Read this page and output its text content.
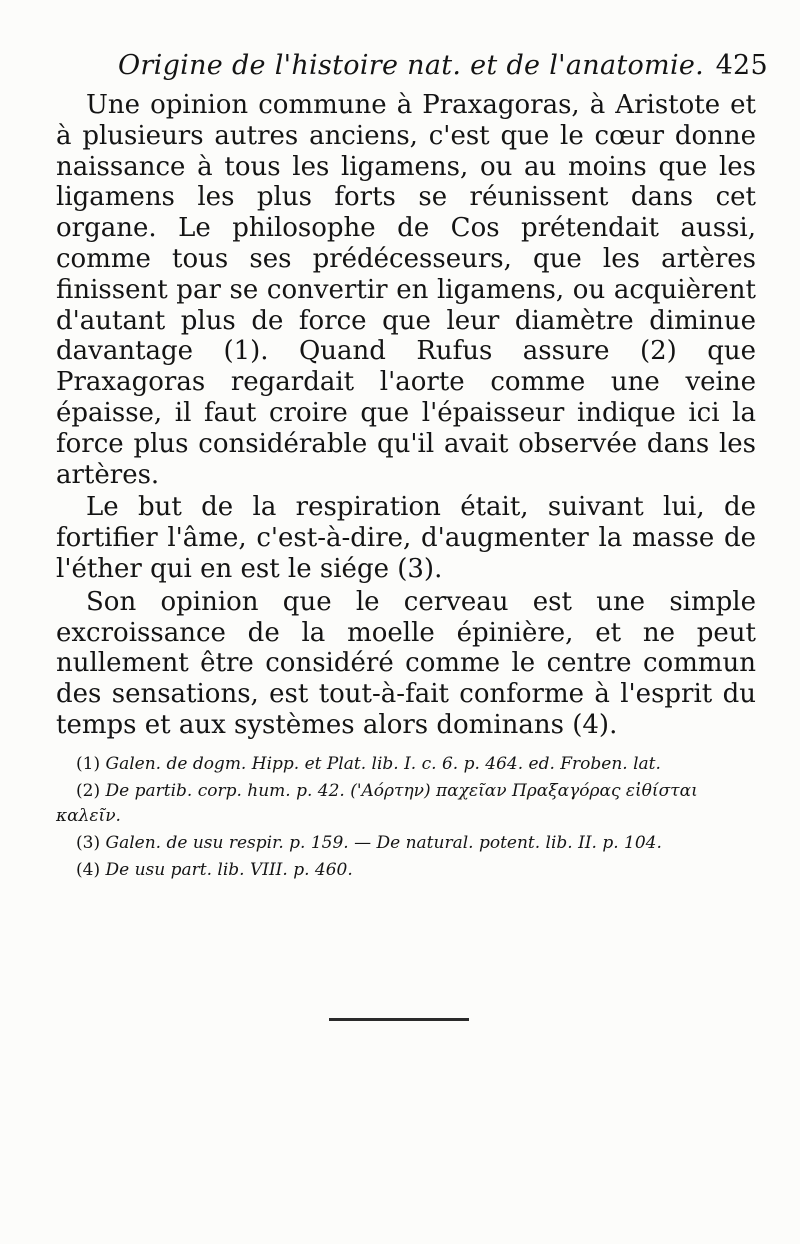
Origine de l'histoire nat. et de l'anatomie. 425

Une opinion commune à Praxagoras, à Aristote et à plusieurs autres anciens, c'est que le cœur donne naissance à tous les ligamens, ou au moins que les ligamens les plus forts se réunissent dans cet organe. Le philosophe de Cos prétendait aussi, comme tous ses prédécesseurs, que les artères finissent par se convertir en ligamens, ou acquièrent d'autant plus de force que leur diamètre diminue davantage (1). Quand Rufus assure (2) que Praxagoras regardait l'aorte comme une veine épaisse, il faut croire que l'épaisseur indique ici la force plus considérable qu'il avait observée dans les artères.

Le but de la respiration était, suivant lui, de fortifier l'âme, c'est-à-dire, d'augmenter la masse de l'éther qui en est le siége (3).

Son opinion que le cerveau est une simple excroissance de la moelle épinière, et ne peut nullement être considéré comme le centre commun des sensations, est tout-à-fait conforme à l'esprit du temps et aux systèmes alors dominans (4).

(1) Galen. de dogm. Hipp. et Plat. lib. I. c. 6. p. 464. ed. Froben. lat.

(2) De partib. corp. hum. p. 42. ('Αόρτην) παχεῖαν Πραξαγόρας εἰθίσται καλεῖν.

(3) Galen. de usu respir. p. 159. — De natural. potent. lib. II. p. 104.

(4) De usu part. lib. VIII. p. 460.
